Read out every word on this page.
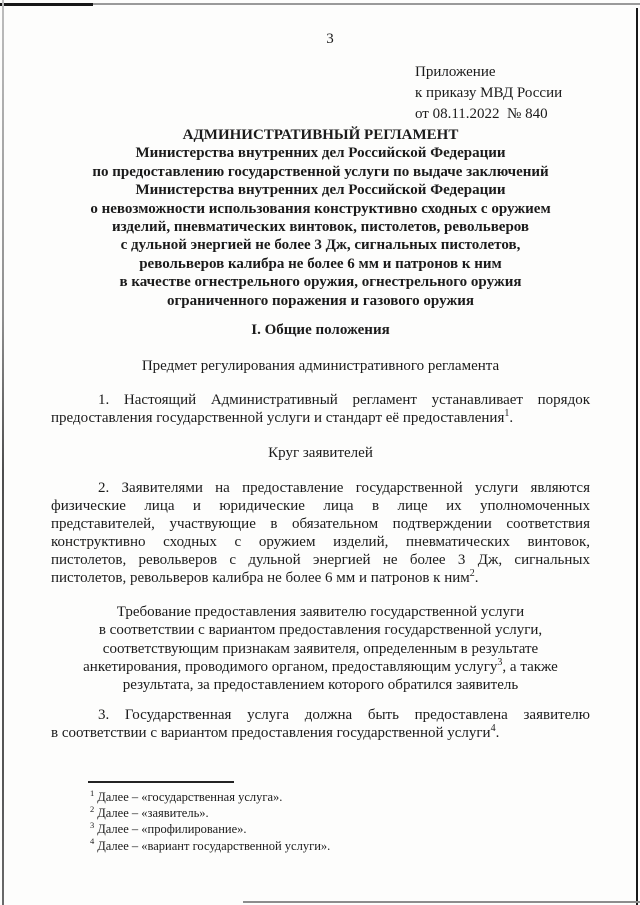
3
Приложение
к приказу МВД России
от 08.11.2022  № 840
АДМИНИСТРАТИВНЫЙ РЕГЛАМЕНТ
Министерства внутренних дел Российской Федерации
по предоставлению государственной услуги по выдаче заключений
Министерства внутренних дел Российской Федерации
о невозможности использования конструктивно сходных с оружием
изделий, пневматических винтовок, пистолетов, револьверов
с дульной энергией не более 3 Дж, сигнальных пистолетов,
револьверов калибра не более 6 мм и патронов к ним
в качестве огнестрельного оружия, огнестрельного оружия
ограниченного поражения и газового оружия
I. Общие положения
Предмет регулирования административного регламента
1. Настоящий Административный регламент устанавливает порядок
предоставления государственной услуги и стандарт её предоставления$^1$.
Круг заявителей
2. Заявителями на предоставление государственной услуги являются
физические лица и юридические лица в лице их уполномоченных
представителей, участвующие в обязательном подтверждении соответствия
конструктивно сходных с оружием изделий, пневматических винтовок,
пистолетов, револьверов с дульной энергией не более 3 Дж, сигнальных
пистолетов, револьверов калибра не более 6 мм и патронов к ним$^2$.
Требование предоставления заявителю государственной услуги
в соответствии с вариантом предоставления государственной услуги,
соответствующим признакам заявителя, определенным в результате
анкетирования, проводимого органом, предоставляющим услугу$^3$, а также
результата, за предоставлением которого обратился заявитель
3. Государственная услуга должна быть предоставлена заявителю
в соответствии с вариантом предоставления государственной услуги$^4$.
$^1$ Далее – «государственная услуга».
$^2$ Далее – «заявитель».
$^3$ Далее – «профилирование».
$^4$ Далее – «вариант государственной услуги».
